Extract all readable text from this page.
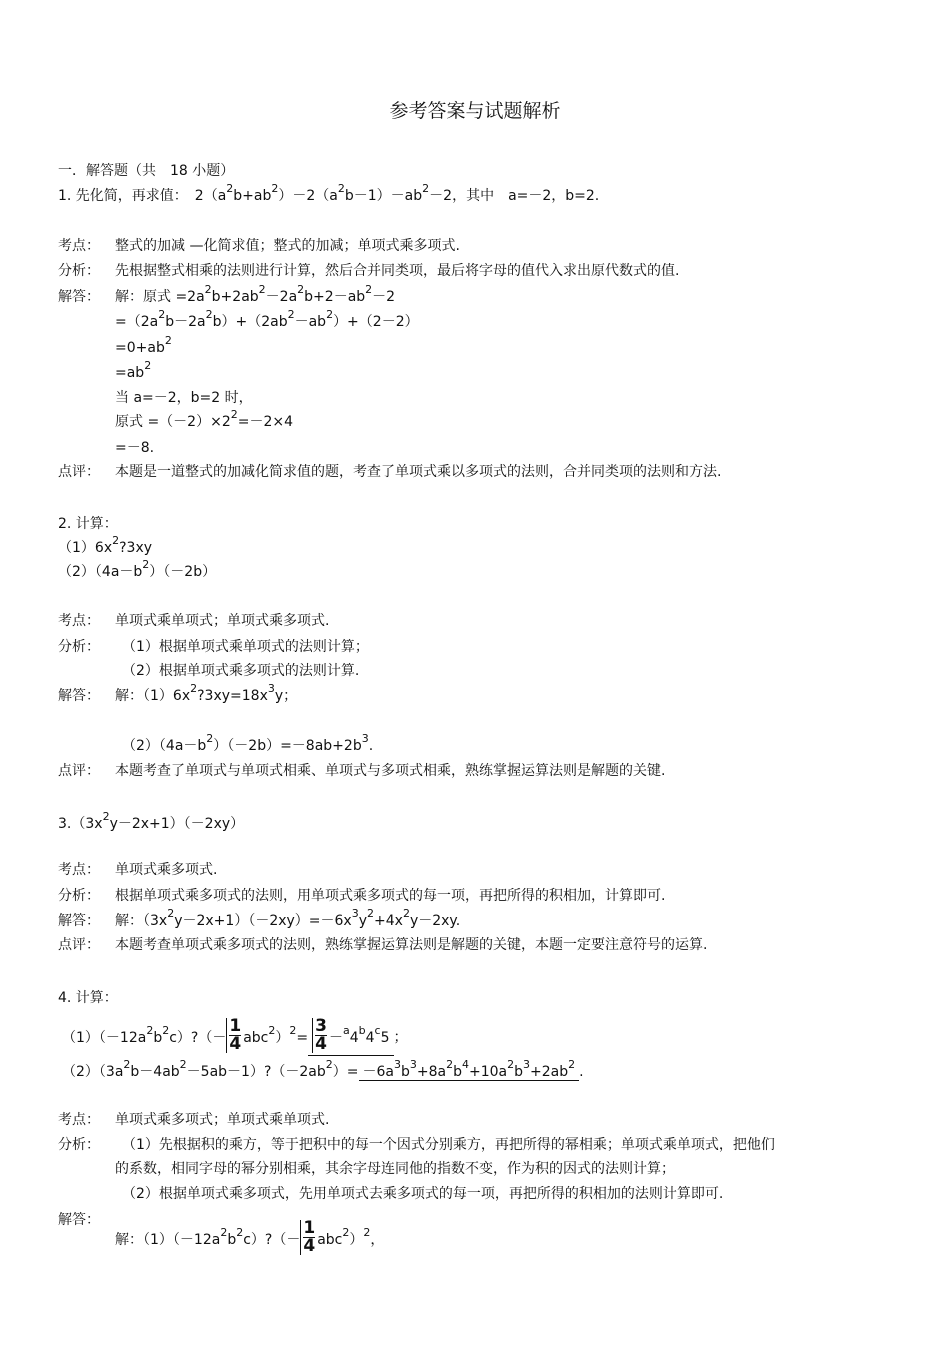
参考答案与试题解析
一．解答题（共　18 小题）
1. 先化简，再求值：　2（a2b+ab2）－2（a2b－1）－ab2－2，其中　a=－2，b=2.
考点： 整式的加减 —化简求值；整式的加减；单项式乘多项式.
分析： 先根据整式相乘的法则进行计算，然后合并同类项，最后将字母的值代入求出原代数式的值.
解答： 解：原式 =2a2b+2ab2－2a2b+2－ab2－2
=（2a2b－2a2b）+（2ab2－ab2）+（2－2）
=0+ab2
=ab2
当 a=－2，b=2 时，
原式 =（－2）×22=－2×4
=－8.
点评： 本题是一道整式的加减化简求值的题，考查了单项式乘以多项式的法则，合并同类项的法则和方法.
2. 计算：
（1）6x2?3xy
（2）（4a－b2）（－2b）
考点： 单项式乘单项式；单项式乘多项式.
分析： （1）根据单项式乘单项式的法则计算；
（2）根据单项式乘多项式的法则计算.
解答： 解：（1）6x2?3xy=18x3y；
（2）（4a－b2）（－2b）=－8ab+2b3.
点评： 本题考查了单项式与单项式相乘、单项式与多项式相乘，熟练掌握运算法则是解题的关键.
3.（3x2y－2x+1）（－2xy）
考点： 单项式乘多项式.
分析： 根据单项式乘多项式的法则，用单项式乘多项式的每一项，再把所得的积相加，计算即可.
解答： 解：（3x2y－2x+1）（－2xy）=－6x3y2+4x2y－2xy.
点评： 本题考查单项式乘多项式的法则，熟练掌握运算法则是解题的关键，本题一定要注意符号的运算.
4. 计算：
（1）（－12a2b2c）?（－ $\frac{1}{4} abc2)2= \frac{3}{4} -a4b4c5$ ；
（2）（3a2b－4ab2－5ab－1）?（－2ab2）= －6a3b3+8a2b4+10a2b3+2ab2 .
考点： 单项式乘多项式；单项式乘单项式.
分析： （1）先根据积的乘方，等于把积中的每一个因式分别乘方，再把所得的幂相乘；单项式乘单项式，把他们
的系数，相同字母的幂分别相乘，其余字母连同他的指数不变，作为积的因式的法则计算；
（2）根据单项式乘多项式，先用单项式去乘多项式的每一项，再把所得的积相加的法则计算即可.
解答：
解：（1）（－12a2b2c）?（－ $\frac{1}{4} abc2)2$，
